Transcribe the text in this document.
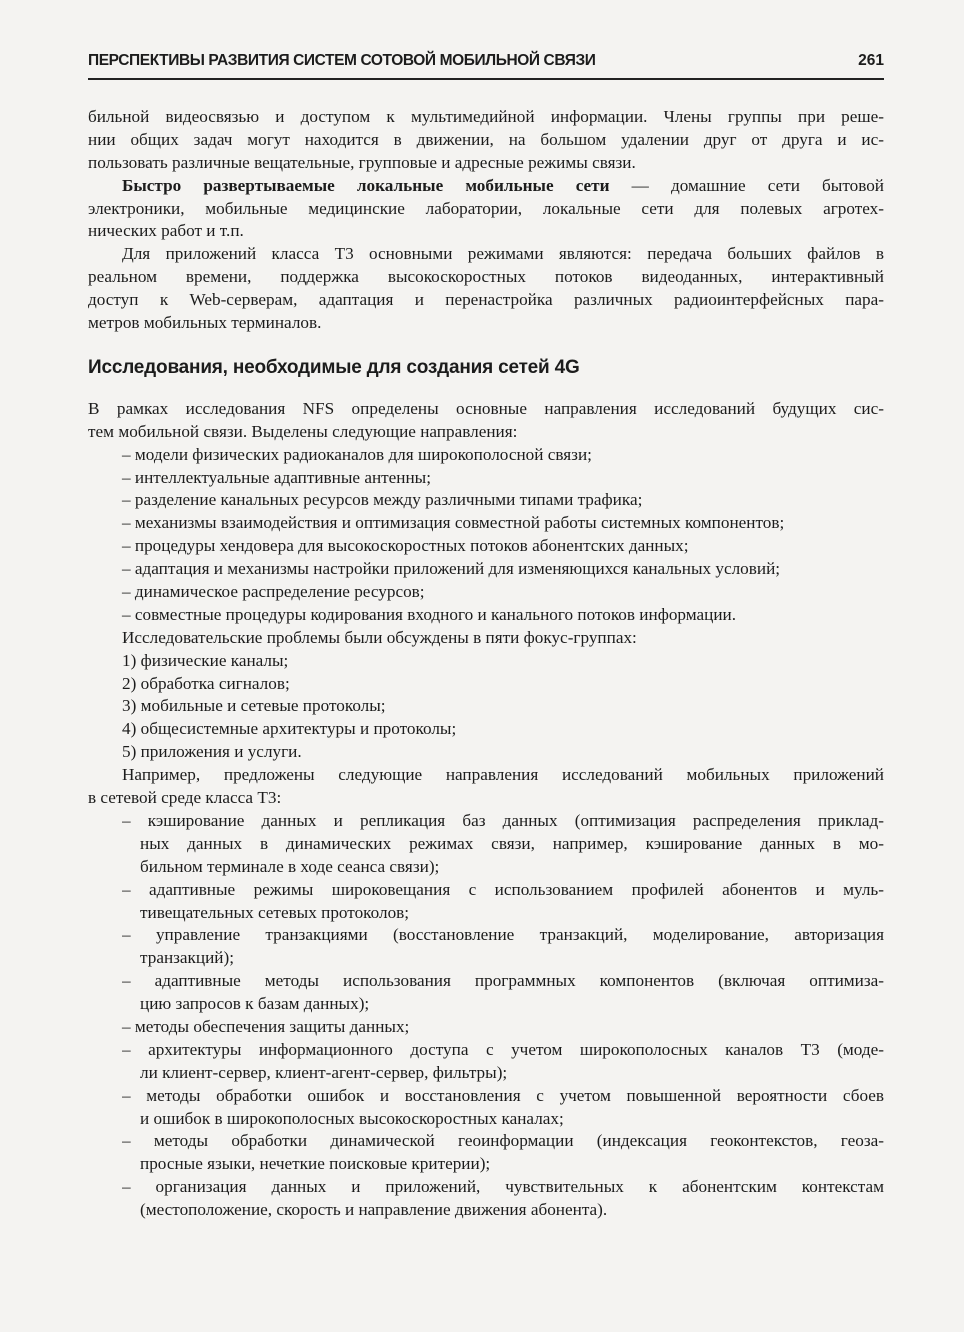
ПЕРСПЕКТИВЫ РАЗВИТИЯ СИСТЕМ СОТОВОЙ МОБИЛЬНОЙ СВЯЗИ	261
бильной видеосвязью и доступом к мультимедийной информации. Члены группы при реше-
нии общих задач могут находится в движении, на большом удалении друг от друга и ис-
пользовать различные вещательные, групповые и адресные режимы связи.
Быстро развертываемые локальные мобильные сети — домашние сети бытовой
электроники, мобильные медицинские лаборатории, локальные сети для полевых агротех-
нических работ и т.п.
Для приложений класса Т3 основными режимами являются: передача больших файлов в
реальном времени, поддержка высокоскоростных потоков видеоданных, интерактивный
доступ к Web-серверам, адаптация и перенастройка различных радиоинтерфейсных пара-
метров мобильных терминалов.
Исследования, необходимые для создания сетей 4G
В рамках исследования NFS определены основные направления исследований будущих сис-
тем мобильной связи. Выделены следующие направления:
– модели физических радиоканалов для широкополосной связи;
– интеллектуальные адаптивные антенны;
– разделение канальных ресурсов между различными типами трафика;
– механизмы взаимодействия и оптимизация совместной работы системных компонентов;
– процедуры хендовера для высокоскоростных потоков абонентских данных;
– адаптация и механизмы настройки приложений для изменяющихся канальных условий;
– динамическое распределение ресурсов;
– совместные процедуры кодирования входного и канального потоков информации.
Исследовательские проблемы были обсуждены в пяти фокус-группах:
1) физические каналы;
2) обработка сигналов;
3) мобильные и сетевые протоколы;
4) общесистемные архитектуры и протоколы;
5) приложения и услуги.
Например, предложены следующие направления исследований мобильных приложений
в сетевой среде класса Т3:
– кэширование данных и репликация баз данных (оптимизация распределения приклад-
ных данных в динамических режимах связи, например, кэширование данных в мо-
бильном терминале в ходе сеанса связи);
– адаптивные режимы широковещания с использованием профилей абонентов и муль-
тивещательных сетевых протоколов;
– управление транзакциями (восстановление транзакций, моделирование, авторизация
транзакций);
– адаптивные методы использования программных компонентов (включая оптимиза-
цию запросов к базам данных);
– методы обеспечения защиты данных;
– архитектуры информационного доступа с учетом широкополосных каналов Т3 (моде-
ли клиент-сервер, клиент-агент-сервер, фильтры);
– методы обработки ошибок и восстановления с учетом повышенной вероятности сбоев
и ошибок в широкополосных высокоскоростных каналах;
– методы обработки динамической геоинформации (индексация геоконтекстов, геоза-
просные языки, нечеткие поисковые критерии);
– организация данных и приложений, чувствительных к абонентским контекстам
(местоположение, скорость и направление движения абонента).
